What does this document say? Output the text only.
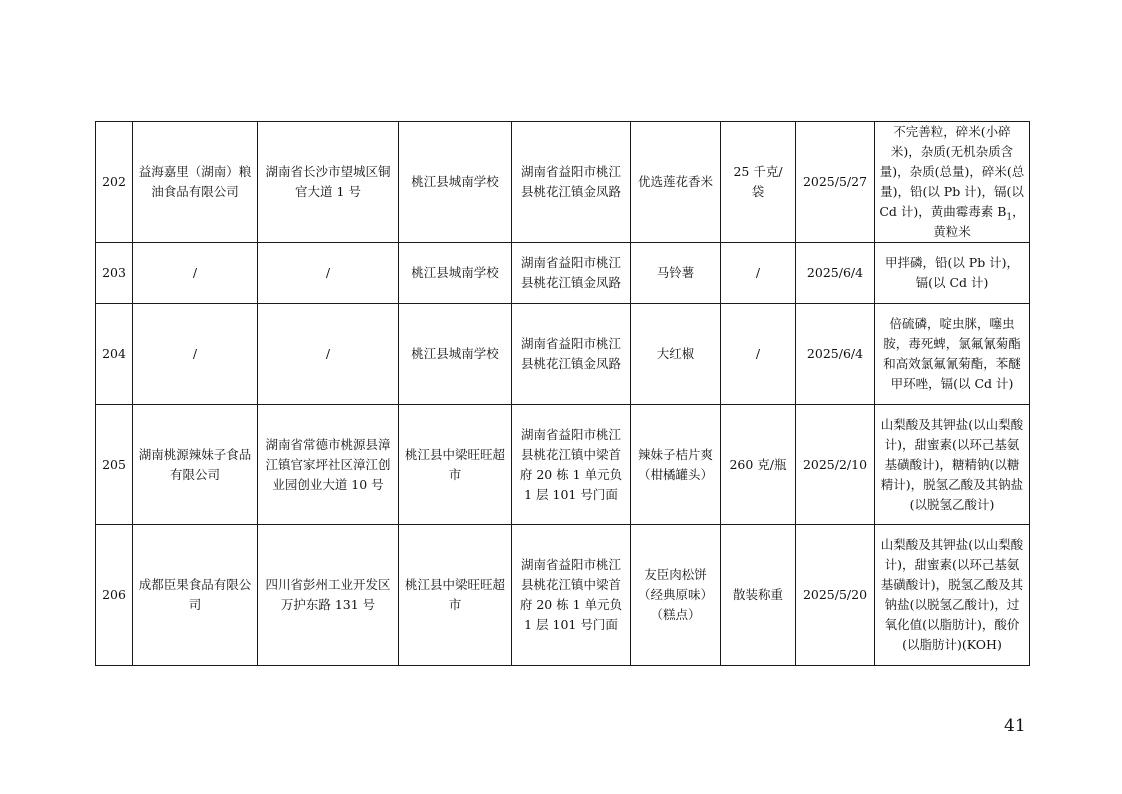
202	益海嘉里（湖南）粮油食品有限公司	湖南省长沙市望城区铜官大道 1 号	桃江县城南学校	湖南省益阳市桃江县桃花江镇金凤路	优选莲花香米	25 千克/袋	2025/5/27	不完善粒，碎米(小碎米)，杂质(无机杂质含量)，杂质(总量)，碎米(总量)，铅(以 Pb 计)，镉(以 Cd 计)，黄曲霉毒素 $B_1$，黄粒米
203	/	/	桃江县城南学校	湖南省益阳市桃江县桃花江镇金凤路	马铃薯	/	2025/6/4	甲拌磷，铅(以 Pb 计)，镉(以 Cd 计)
204	/	/	桃江县城南学校	湖南省益阳市桃江县桃花江镇金凤路	大红椒	/	2025/6/4	倍硫磷，啶虫脒，噻虫胺，毒死蜱，氯氟氰菊酯和高效氯氟氰菊酯，苯醚甲环唑，镉(以 Cd 计)
205	湖南桃源辣妹子食品有限公司	湖南省常德市桃源县漳江镇官家坪社区漳江创业园创业大道 10 号	桃江县中梁旺旺超市	湖南省益阳市桃江县桃花江镇中梁首府 20 栋 1 单元负 1 层 101 号门面	辣妹子桔片爽（柑橘罐头）	260 克/瓶	2025/2/10	山梨酸及其钾盐(以山梨酸计)，甜蜜素(以环己基氨基磺酸计)，糖精钠(以糖精计)，脱氢乙酸及其钠盐(以脱氢乙酸计)
206	成都臣果食品有限公司	四川省彭州工业开发区万护东路 131 号	桃江县中梁旺旺超市	湖南省益阳市桃江县桃花江镇中梁首府 20 栋 1 单元负 1 层 101 号门面	友臣肉松饼（经典原味）（糕点）	散装称重	2025/5/20	山梨酸及其钾盐(以山梨酸计)，甜蜜素(以环己基氨基磺酸计)，脱氢乙酸及其钠盐(以脱氢乙酸计)，过氧化值(以脂肪计)，酸价(以脂肪计)(KOH)
41
